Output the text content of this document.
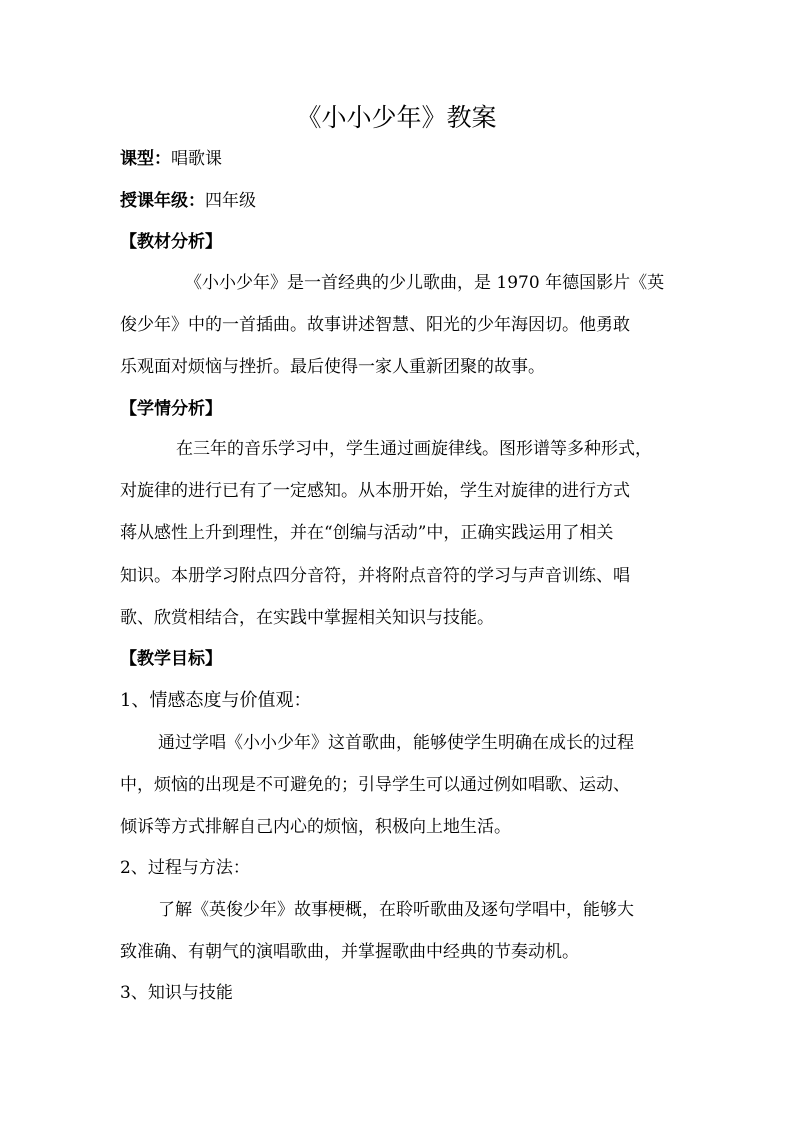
《小小少年》教案
课型：唱歌课
授课年级：四年级
【教材分析】
《小小少年》是一首经典的少儿歌曲，是 1970 年德国影片《英
俊少年》中的一首插曲。故事讲述智慧、阳光的少年海因切。他勇敢
乐观面对烦恼与挫折。最后使得一家人重新团聚的故事。
【学情分析】
在三年的音乐学习中，学生通过画旋律线。图形谱等多种形式，
对旋律的进行已有了一定感知。从本册开始，学生对旋律的进行方式
蒋从感性上升到理性，并在“创编与活动”中，正确实践运用了相关
知识。本册学习附点四分音符，并将附点音符的学习与声音训练、唱
歌、欣赏相结合，在实践中掌握相关知识与技能。
【教学目标】
1、情感态度与价值观：
通过学唱《小小少年》这首歌曲，能够使学生明确在成长的过程
中，烦恼的出现是不可避免的；引导学生可以通过例如唱歌、运动、
倾诉等方式排解自己内心的烦恼，积极向上地生活。
2、过程与方法：
了解《英俊少年》故事梗概，在聆听歌曲及逐句学唱中，能够大
致准确、有朝气的演唱歌曲，并掌握歌曲中经典的节奏动机。
3、知识与技能
